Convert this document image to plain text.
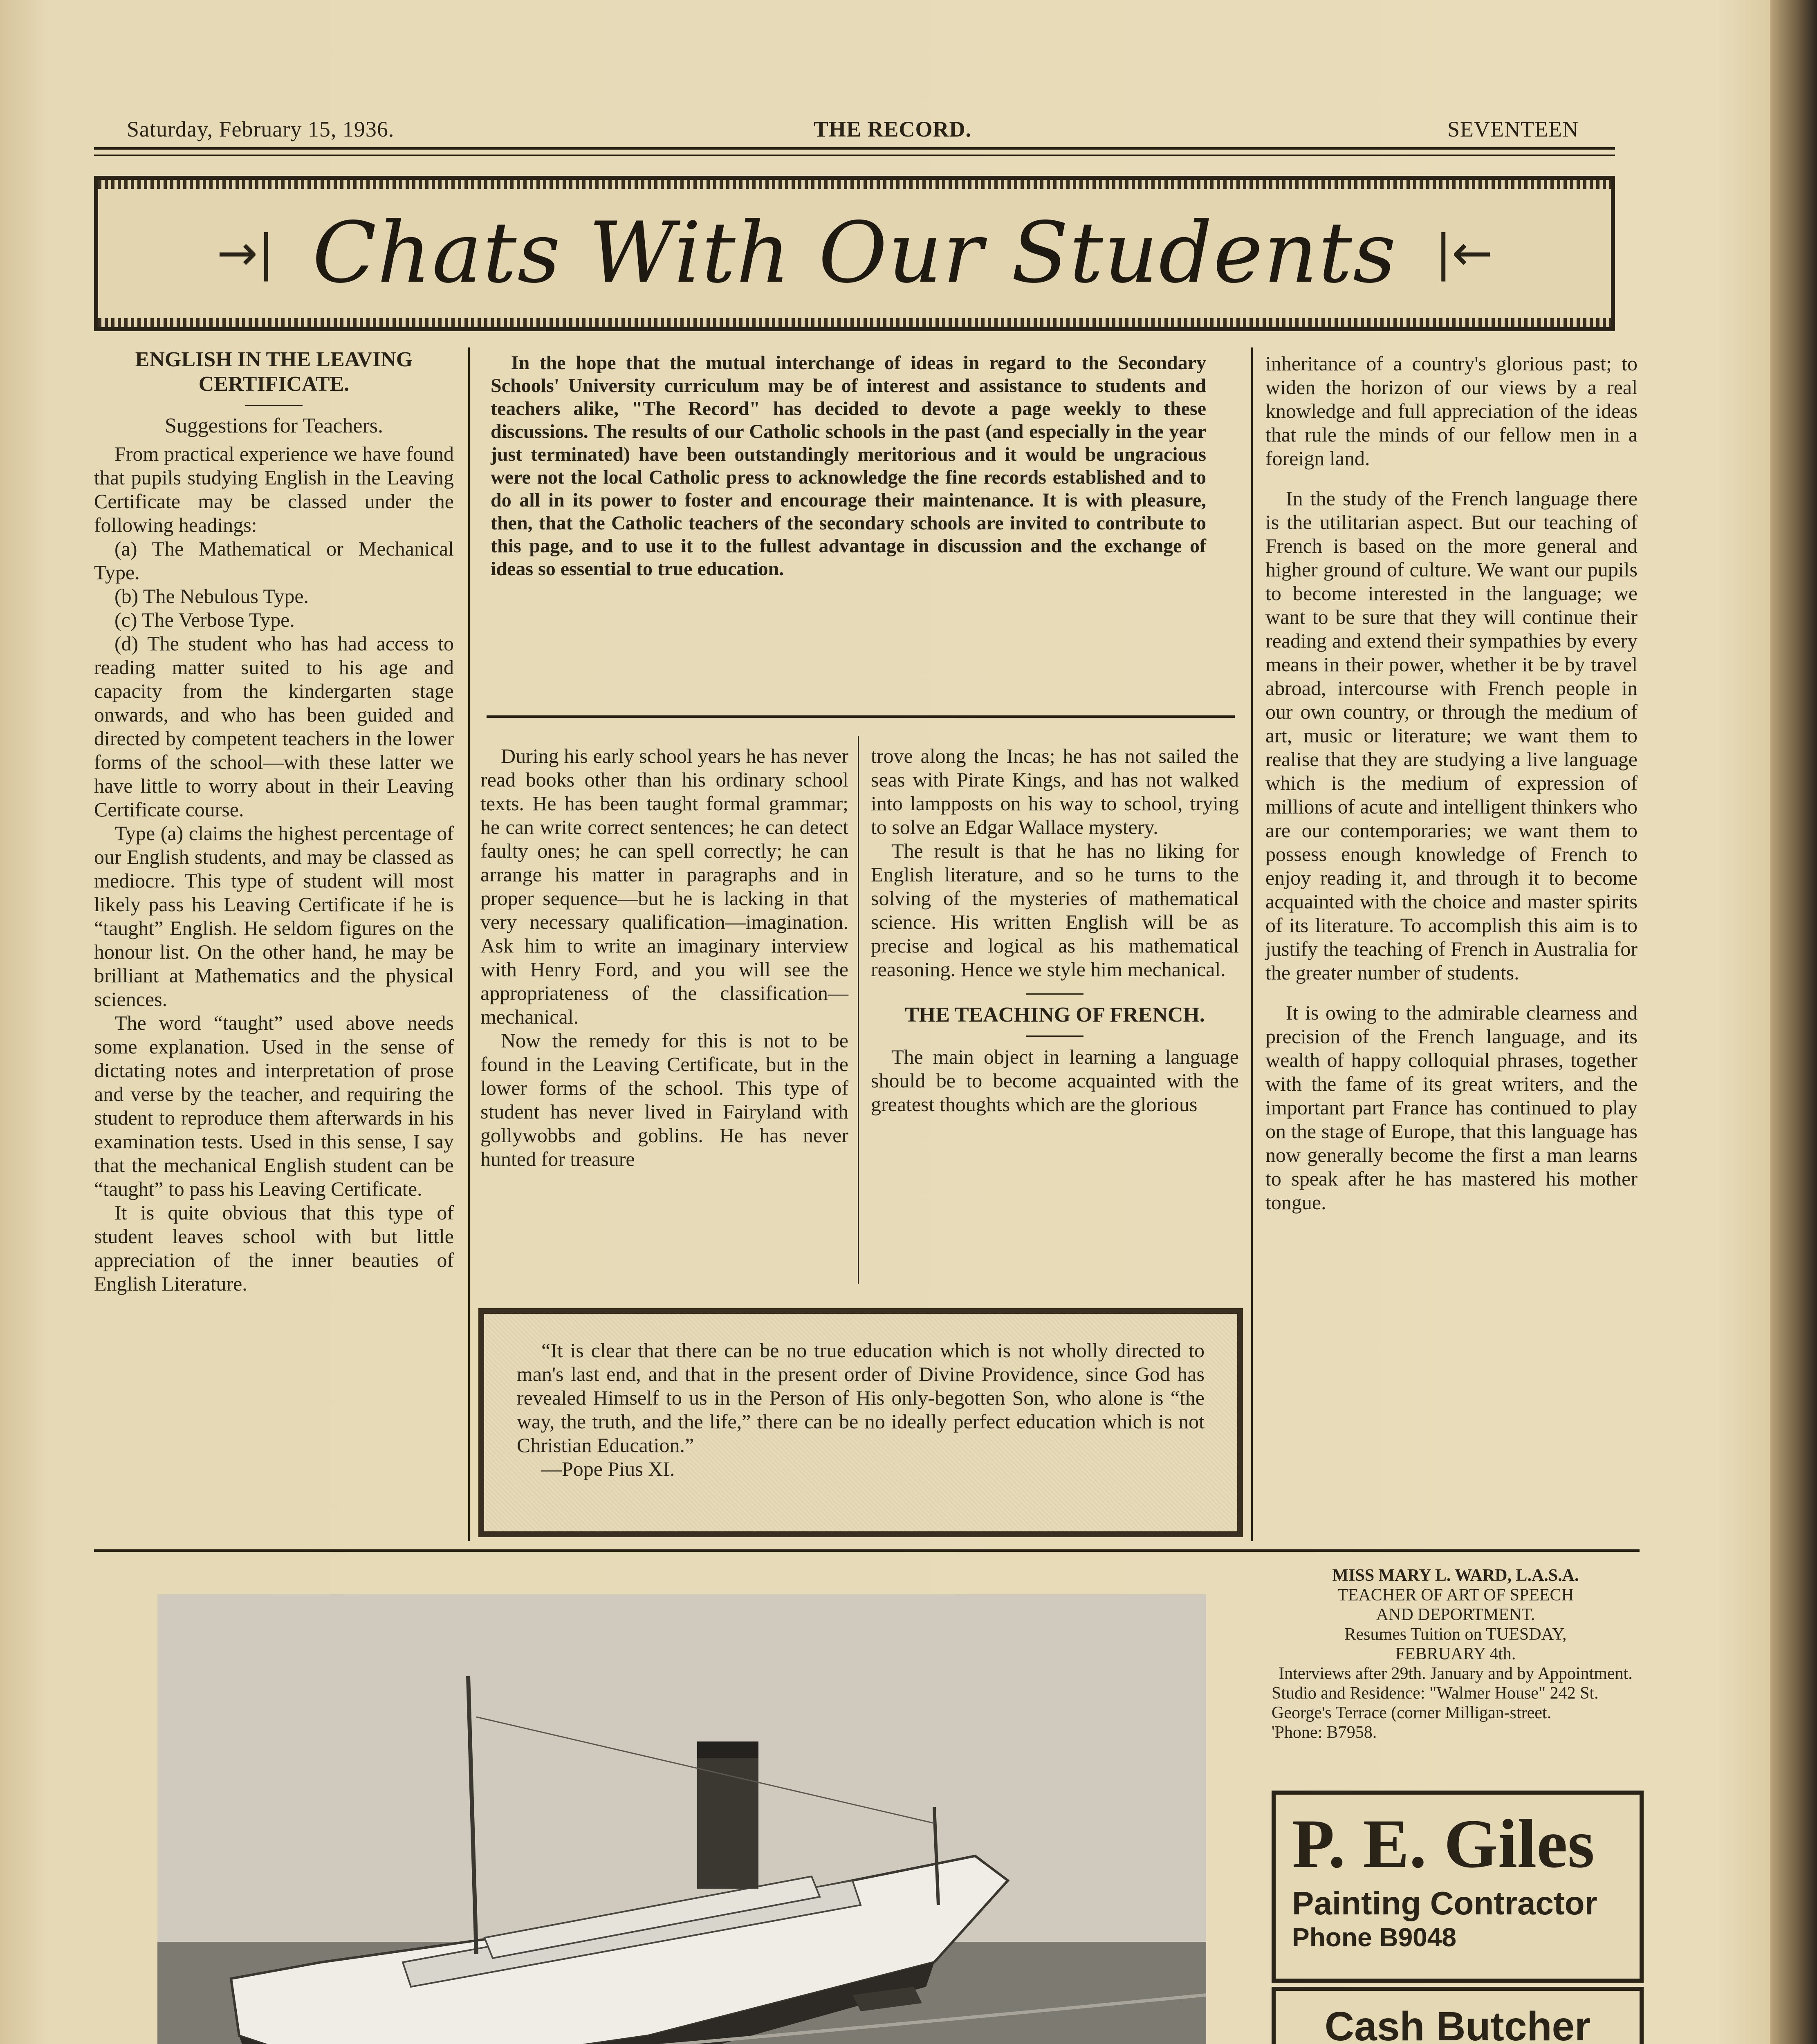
Saturday, February 15, 1936.	THE RECORD.	SEVENTEEN
→| Chats With Our Students |←
ENGLISH IN THE LEAVING CERTIFICATE.
Suggestions for Teachers.

From practical experience we have found that pupils studying English in the Leaving Certificate may be classed under the following headings:

(a) The Mathematical or Mechanical Type.

(b) The Nebulous Type.

(c) The Verbose Type.

(d) The student who has had access to reading matter suited to his age and capacity from the kindergarten stage onwards, and who has been guided and directed by competent teachers in the lower forms of the school—with these latter we have little to worry about in their Leaving Certificate course.

Type (a) claims the highest percentage of our English students, and may be classed as mediocre. This type of student will most likely pass his Leaving Certificate if he is “taught” English. He seldom figures on the honour list. On the other hand, he may be brilliant at Mathematics and the physical sciences.

The word “taught” used above needs some explanation. Used in the sense of dictating notes and interpretation of prose and verse by the teacher, and requiring the student to reproduce them afterwards in his examination tests. Used in this sense, I say that the mechanical English student can be “taught” to pass his Leaving Certificate.

It is quite obvious that this type of student leaves school with but little appreciation of the inner beauties of English Literature.

In the hope that the mutual interchange of ideas in regard to the Secondary Schools' University curriculum may be of interest and assistance to students and teachers alike, "The Record" has decided to devote a page weekly to these discussions. The results of our Catholic schools in the past (and especially in the year just terminated) have been outstandingly meritorious and it would be ungracious were not the local Catholic press to acknowledge the fine records established and to do all in its power to foster and encourage their maintenance. It is with pleasure, then, that the Catholic teachers of the secondary schools are invited to contribute to this page, and to use it to the fullest advantage in discussion and the exchange of ideas so essential to true education.

During his early school years he has never read books other than his ordinary school texts. He has been taught formal grammar; he can write correct sentences; he can detect faulty ones; he can spell correctly; he can arrange his matter in paragraphs and in proper sequence—but he is lacking in that very necessary qualification—imagination. Ask him to write an imaginary interview with Henry Ford, and you will see the appropriateness of the classification—mechanical.

Now the remedy for this is not to be found in the Leaving Certificate, but in the lower forms of the school. This type of student has never lived in Fairyland with gollywobbs and goblins. He has never hunted for treasure

trove along the Incas; he has not sailed the seas with Pirate Kings, and has not walked into lampposts on his way to school, trying to solve an Edgar Wallace mystery.

The result is that he has no liking for English literature, and so he turns to the solving of the mysteries of mathematical science. His written English will be as precise and logical as his mathematical reasoning. Hence we style him mechanical.

THE TEACHING OF FRENCH.

The main object in learning a language should be to become acquainted with the greatest thoughts which are the glorious

inheritance of a country's glorious past; to widen the horizon of our views by a real knowledge and full appreciation of the ideas that rule the minds of our fellow men in a foreign land.

In the study of the French language there is the utilitarian aspect. But our teaching of French is based on the more general and higher ground of culture. We want our pupils to become interested in the language; we want to be sure that they will continue their reading and extend their sympathies by every means in their power, whether it be by travel abroad, intercourse with French people in our own country, or through the medium of art, music or literature; we want them to realise that they are studying a live language which is the medium of expression of millions of acute and intelligent thinkers who are our contemporaries; we want them to possess enough knowledge of French to enjoy reading it, and through it to become acquainted with the choice and master spirits of its literature. To accomplish this aim is to justify the teaching of French in Australia for the greater number of students.

It is owing to the admirable clearness and precision of the French language, and its wealth of happy colloquial phrases, together with the fame of its great writers, and the important part France has continued to play on the stage of Europe, that this language has now generally become the first a man learns to speak after he has mastered his mother tongue.

“It is clear that there can be no true education which is not wholly directed to man's last end, and that in the present order of Divine Providence, since God has revealed Himself to us in the Person of His only-begotten Son, who alone is “the way, the truth, and the life,” there can be no ideally perfect education which is not Christian Education.”

—Pope Pius XI.

MISS MARY L. WARD, L.A.S.A.
TEACHER OF ART OF SPEECH
AND DEPORTMENT.
Resumes Tuition on TUESDAY,
FEBRUARY 4th.
Interviews after 29th. January and by Appointment.
Studio and Residence: "Walmer House" 242 St. George's Terrace (corner Milligan-street.
'Phone: B7958.
P. E. Giles
Painting Contractor
Phone B9048
Cash Butcher
